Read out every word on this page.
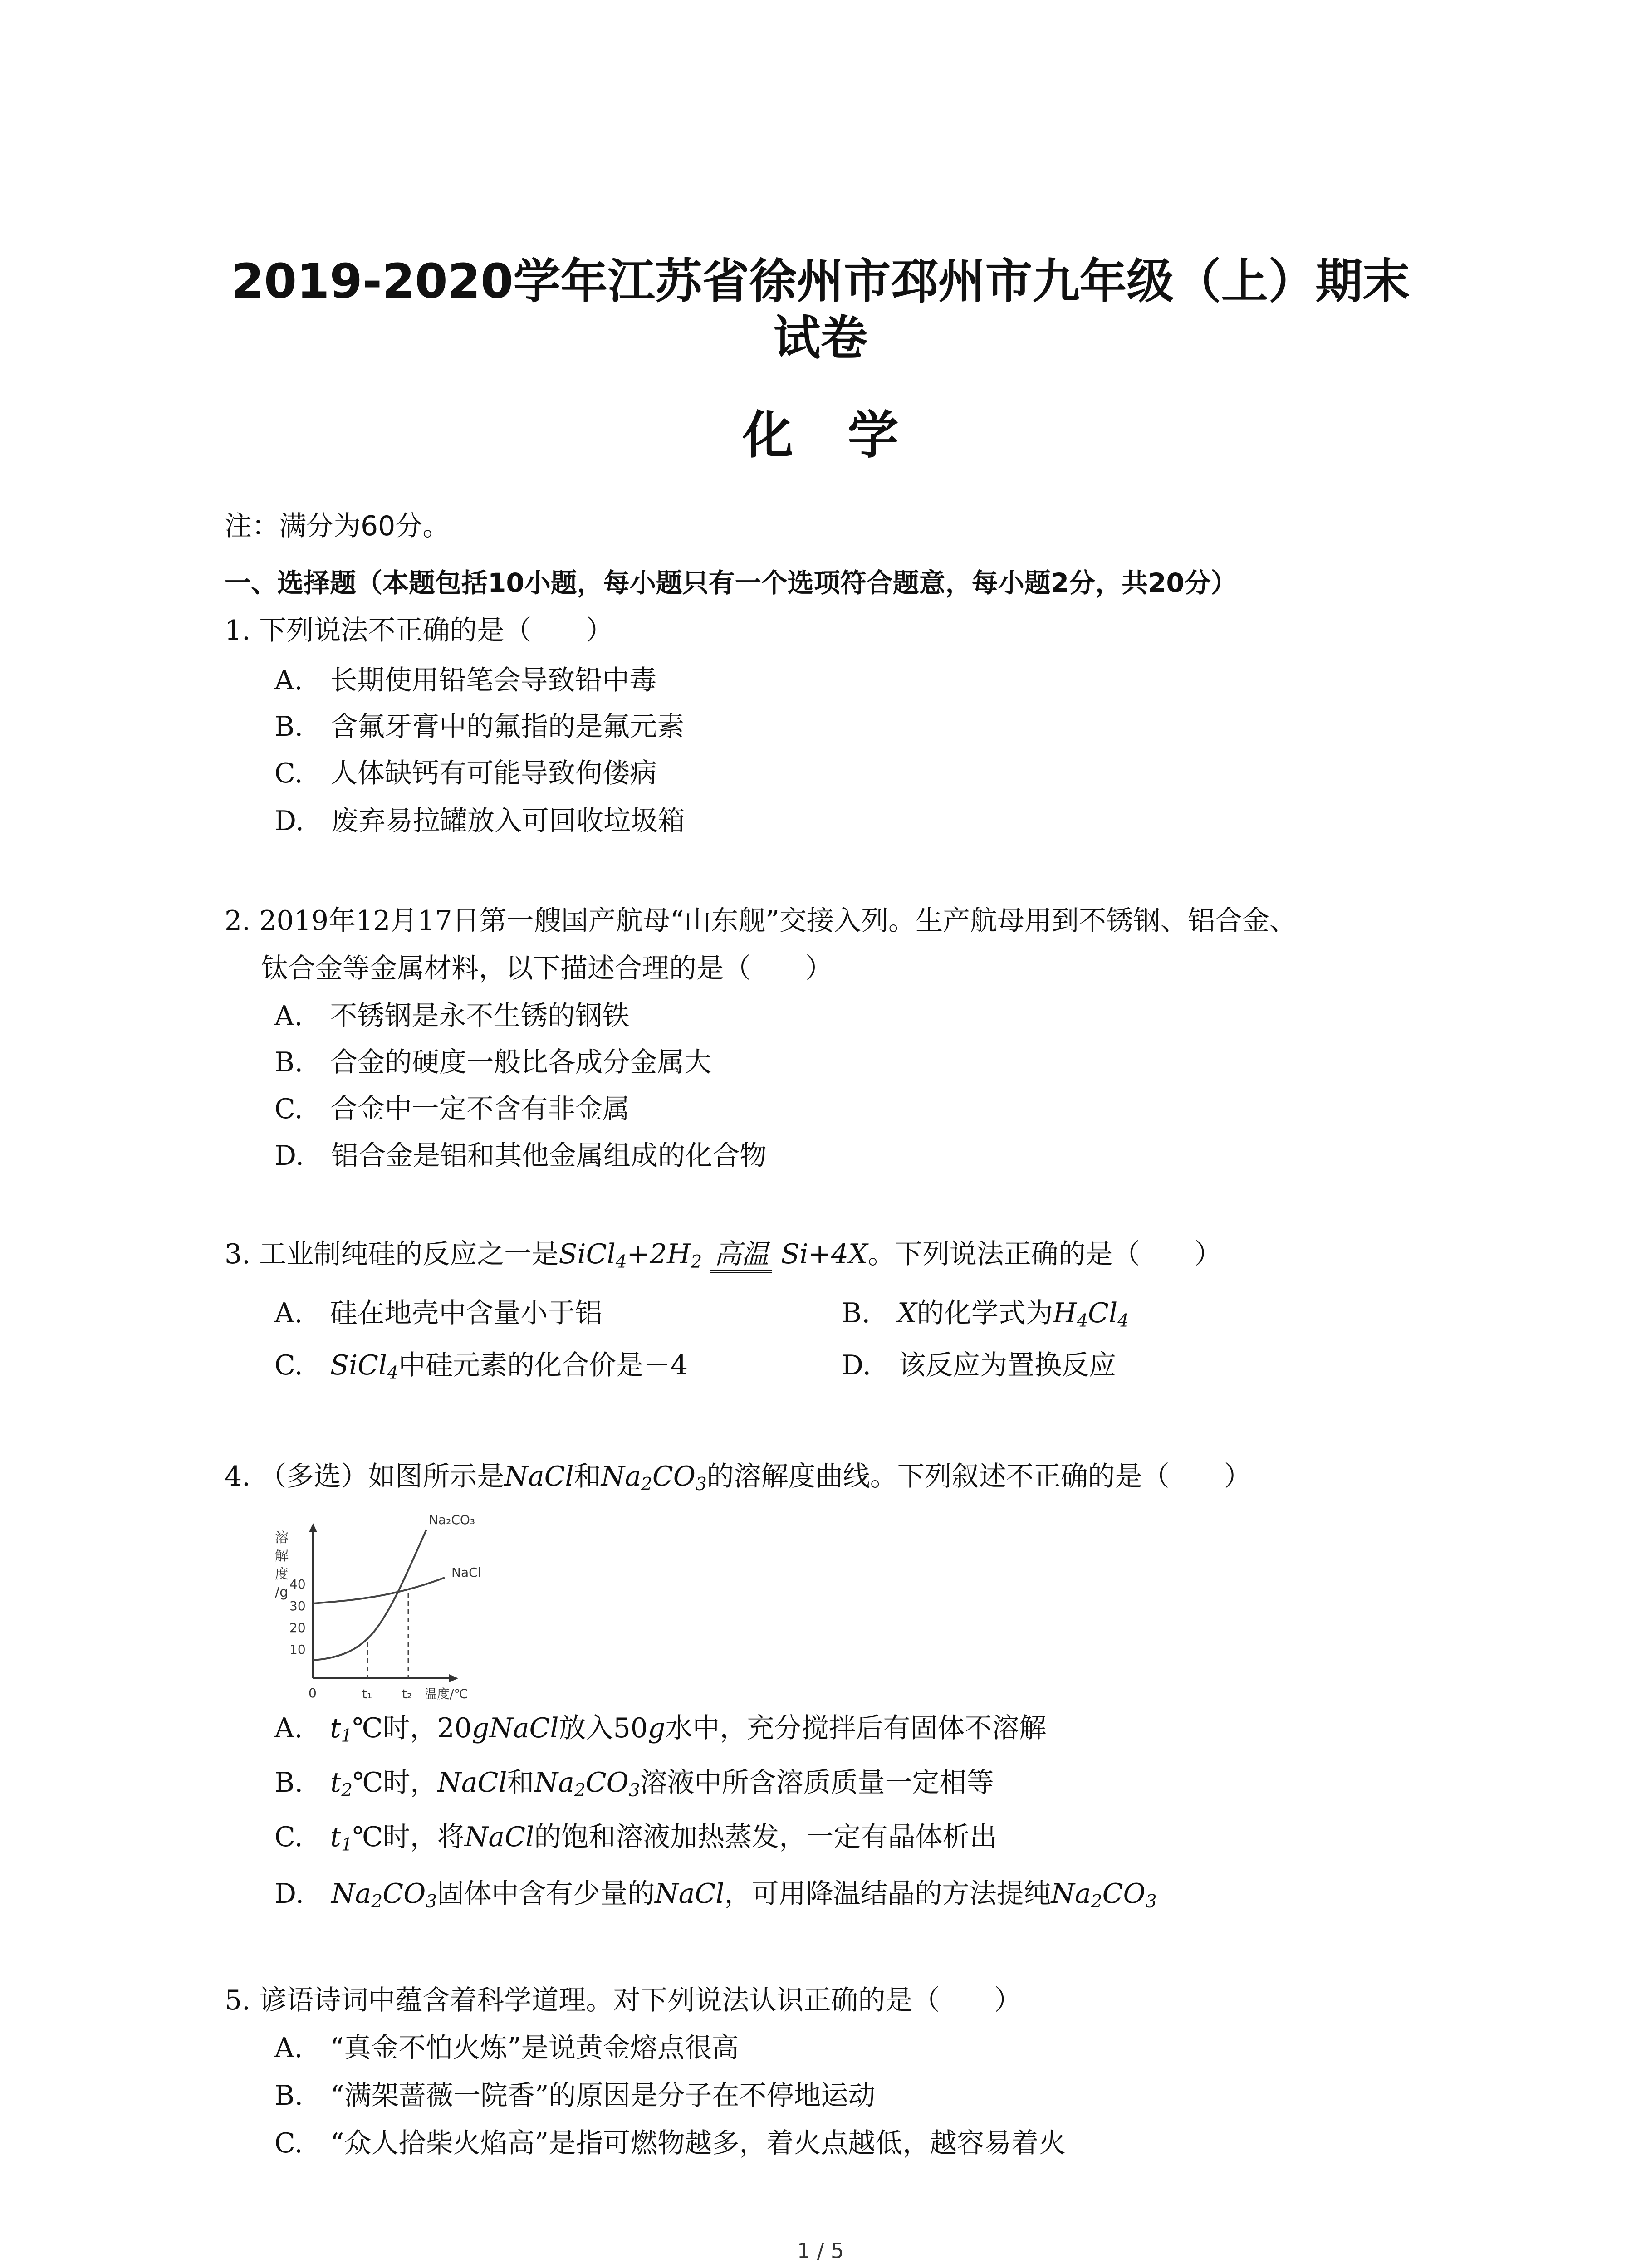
2019-2020学年江苏省徐州市邳州市九年级（上）期末
试卷
化学
注：满分为60分。
一、选择题（本题包括10小题，每小题只有一个选项符合题意，每小题2分，共20分）
1. 下列说法不正确的是（　　）
A.　长期使用铅笔会导致铅中毒
B.　含氟牙膏中的氟指的是氟元素
C.　人体缺钙有可能导致佝偻病
D.　废弃易拉罐放入可回收垃圾箱
2. 2019年12月17日第一艘国产航母“山东舰”交接入列。生产航母用到不锈钢、铝合金、
钛合金等金属材料，以下描述合理的是（　　）
A.　不锈钢是永不生锈的钢铁
B.　合金的硬度一般比各成分金属大
C.　合金中一定不含有非金属
D.　铝合金是铝和其他金属组成的化合物
3. 工业制纯硅的反应之一是$SiCl_4+2H_2$ 高温 Si+4X。下列说法正确的是（　　）
A.　硅在地壳中含量小于铝	B.　X的化学式为$H_4Cl_4$
C.　SiCl$_4$中硅元素的化合价是－4	D.　该反应为置换反应
4. （多选）如图所示是NaCl和$Na_2CO_3$的溶解度曲线。下列叙述不正确的是（　　）
溶解度/g
40
30
20
10
0	t₁ t₂ 温度/℃
Na₂CO₃
NaCl
A.　$t_1℃$时，20gNaCl放入50g水中，充分搅拌后有固体不溶解
B.　$t_2℃$时，NaCl和$Na_2CO_3$溶液中所含溶质质量一定相等
C.　$t_1℃$时，将NaCl的饱和溶液加热蒸发，一定有晶体析出
D.　$Na_2CO_3$固体中含有少量的NaCl，可用降温结晶的方法提纯$Na_2CO_3$
5. 谚语诗词中蕴含着科学道理。对下列说法认识正确的是（　　）
A.　“真金不怕火炼”是说黄金熔点很高
B.　“满架蔷薇一院香”的原因是分子在不停地运动
C.　“众人拾柴火焰高”是指可燃物越多，着火点越低，越容易着火
1 / 5
